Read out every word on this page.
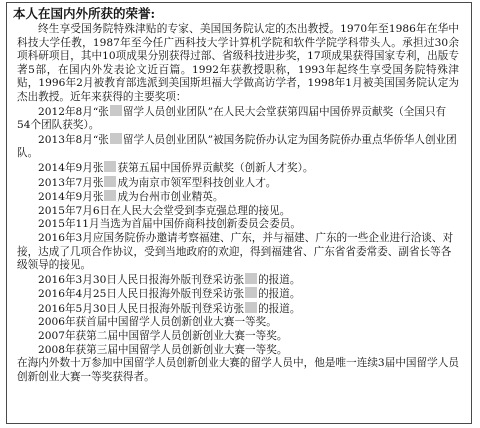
本人在国内外所获的荣誉:

终生享受国务院特殊津贴的专家、美国国务院认定的杰出教授。1970年至1986年在华中科技大学任教，1987年至今任广西科技大学计算机学院和软件学院学科带头人。承担过30余项科研项目，其中10项成果分别获得过部、省级科技进步奖，17项成果获得国家专利，出版专著5部，在国内外发表论文近百篇。1992年获教授职称，1993年起终生享受国务院特殊津贴，1996年2月被教育部选派到美国斯坦福大学做高访学者，1998年1月被美国国务院认定为杰出教授。近年来获得的主要奖项：

2012年8月“张 留学人员创业团队”在人民大会堂获第四届中国侨界贡献奖（全国只有54个团队获奖）。

2013年8月“张 留学人员创业团队”被国务院侨办认定为国务院侨办重点华侨华人创业团队。

2014年9月张 获第五届中国侨界贡献奖（创新人才奖）。

2013年7月张 成为南京市领军型科技创业人才。

2014年9月张 成为台州市创业精英。

2015年7月6日在人民大会堂受到李克强总理的接见。

2015年11月当选为首届中国侨商科技创新委员会委员。

2016年3月应国务院侨办邀请考察福建、广东，并与福建、广东的一些企业进行洽谈、对接，达成了几项合作协议，受到当地政府的欢迎，得到福建省、广东省省委常委、副省长等各级领导的接见。

2016年3月30日人民日报海外版刊登采访张 的报道。

2016年4月25日人民日报海外版刊登采访张 的报道。

2016年5月30日人民日报海外版刊登采访张 的报道。

2006年获首届中国留学人员创新创业大赛一等奖。

2007年获第二届中国留学人员创新创业大赛一等奖。

2008年获第三届中国留学人员创新创业大赛一等奖。

在海内外数十万参加中国留学人员创新创业大赛的留学人员中，他是唯一连续3届中国留学人员创新创业大赛一等奖获得者。
